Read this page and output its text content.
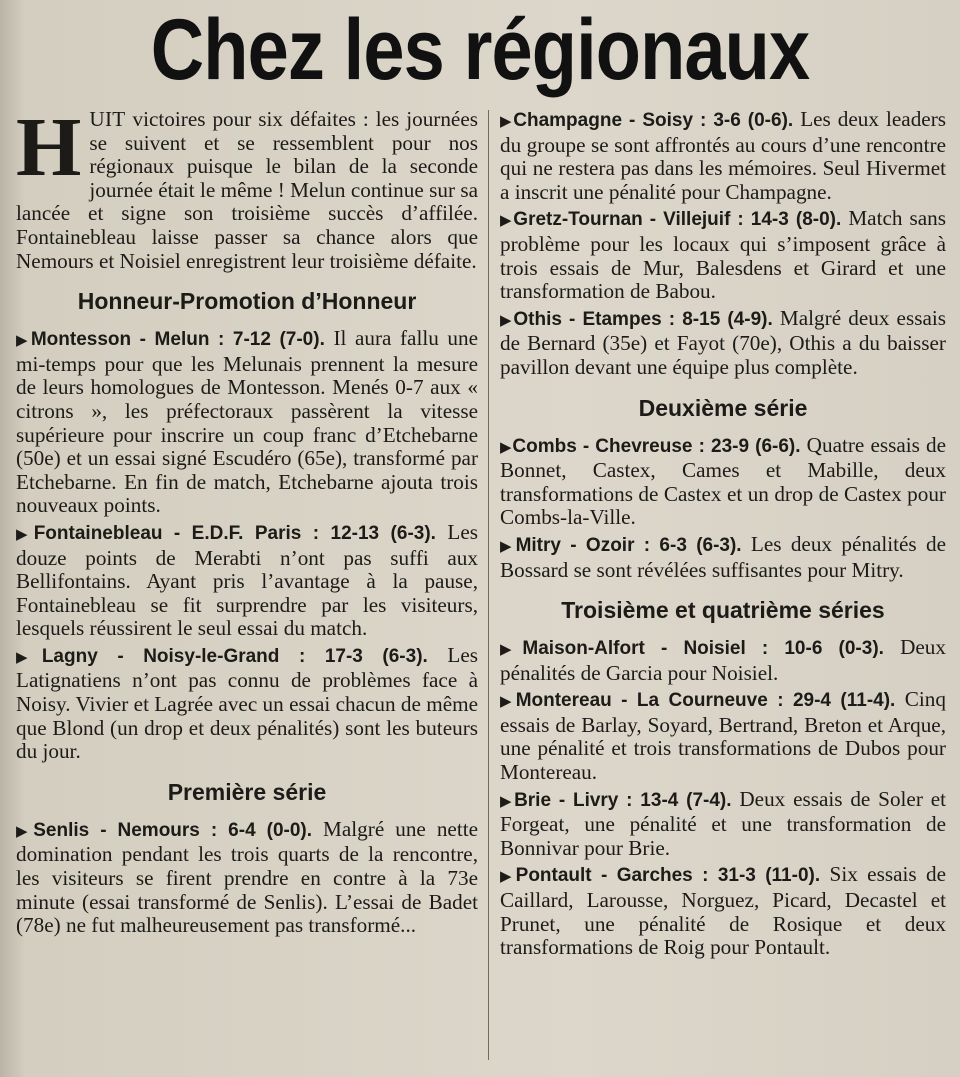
Chez les régionaux

HUIT victoires pour six défaites : les journées se suivent et se ressemblent pour nos régionaux puisque le bilan de la seconde journée était le même ! Melun continue sur sa lancée et signe son troisième succès d’affilée. Fontainebleau laisse passer sa chance alors que Nemours et Noisiel enregistrent leur troisième défaite.

Honneur-Promotion d’Honneur

▶Montesson - Melun : 7-12 (7-0). Il aura fallu une mi-temps pour que les Melunais prennent la mesure de leurs homologues de Montesson. Menés 0-7 aux « citrons », les préfectoraux passèrent la vitesse supérieure pour inscrire un coup franc d’Etchebarne (50e) et un essai signé Escudéro (65e), transformé par Etchebarne. En fin de match, Etchebarne ajouta trois nouveaux points.

▶Fontainebleau - E.D.F. Paris : 12-13 (6-3). Les douze points de Merabti n’ont pas suffi aux Bellifontains. Ayant pris l’avantage à la pause, Fontainebleau se fit surprendre par les visiteurs, lesquels réussirent le seul essai du match.

▶Lagny - Noisy-le-Grand : 17-3 (6-3). Les Latignatiens n’ont pas connu de problèmes face à Noisy. Vivier et Lagrée avec un essai chacun de même que Blond (un drop et deux pénalités) sont les buteurs du jour.

Première série

▶Senlis - Nemours : 6-4 (0-0). Malgré une nette domination pendant les trois quarts de la rencontre, les visiteurs se firent prendre en contre à la 73e minute (essai transformé de Senlis). L’essai de Badet (78e) ne fut malheureusement pas transformé...

▶Champagne - Soisy : 3-6 (0-6). Les deux leaders du groupe se sont affrontés au cours d’une rencontre qui ne restera pas dans les mémoires. Seul Hivermet a inscrit une pénalité pour Champagne.

▶Gretz-Tournan - Villejuif : 14-3 (8-0). Match sans problème pour les locaux qui s’imposent grâce à trois essais de Mur, Balesdens et Girard et une transformation de Babou.

▶Othis - Etampes : 8-15 (4-9). Malgré deux essais de Bernard (35e) et Fayot (70e), Othis a du baisser pavillon devant une équipe plus complète.

Deuxième série

▶Combs - Chevreuse : 23-9 (6-6). Quatre essais de Bonnet, Castex, Cames et Mabille, deux transformations de Castex et un drop de Castex pour Combs-la-Ville.

▶Mitry - Ozoir : 6-3 (6-3). Les deux pénalités de Bossard se sont révélées suffisantes pour Mitry.

Troisième et quatrième séries

▶Maison-Alfort - Noisiel : 10-6 (0-3). Deux pénalités de Garcia pour Noisiel.

▶Montereau - La Courneuve : 29-4 (11-4). Cinq essais de Barlay, Soyard, Bertrand, Breton et Arque, une pénalité et trois transformations de Dubos pour Montereau.

▶Brie - Livry : 13-4 (7-4). Deux essais de Soler et Forgeat, une pénalité et une transformation de Bonnivar pour Brie.

▶Pontault - Garches : 31-3 (11-0). Six essais de Caillard, Larousse, Norguez, Picard, Decastel et Prunet, une pénalité de Rosique et deux transformations de Roig pour Pontault.
